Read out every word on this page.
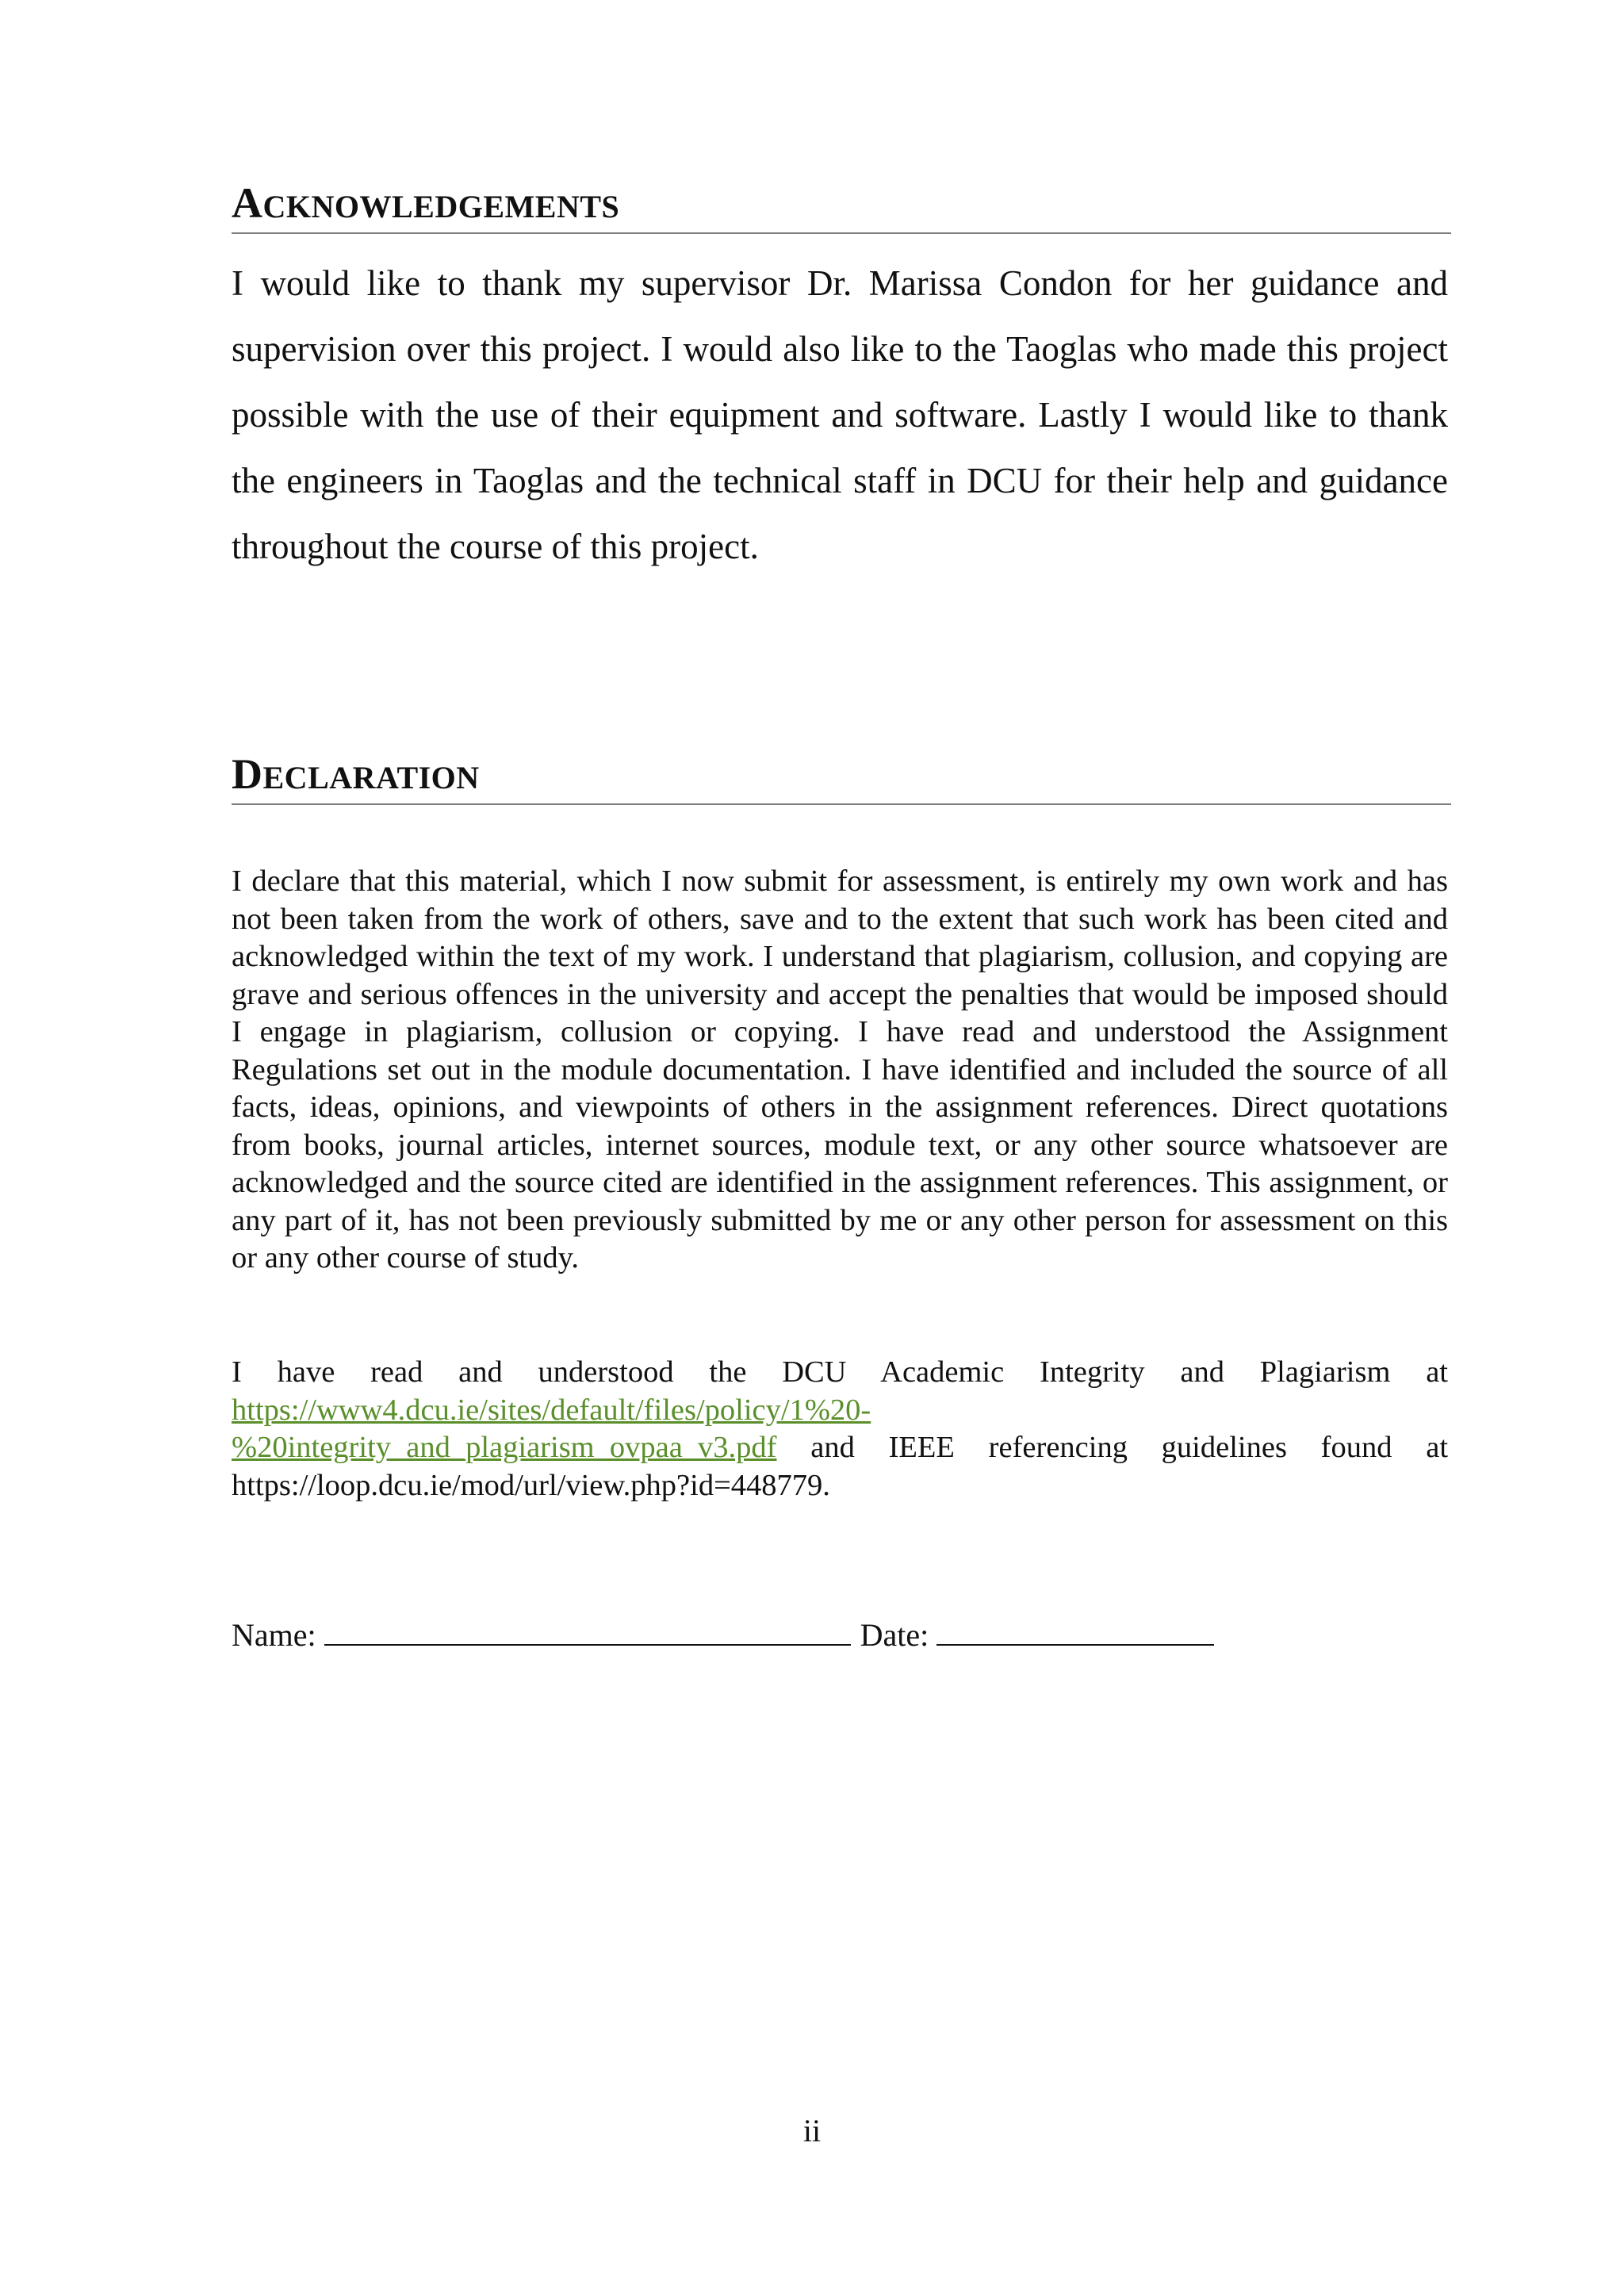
ACKNOWLEDGEMENTS

I would like to thank my supervisor Dr. Marissa Condon for her guidance and supervision over this project. I would also like to the Taoglas who made this project possible with the use of their equipment and software. Lastly I would like to thank the engineers in Taoglas and the technical staff in DCU for their help and guidance throughout the course of this project.

DECLARATION

I declare that this material, which I now submit for assessment, is entirely my own work and has not been taken from the work of others, save and to the extent that such work has been cited and acknowledged within the text of my work. I understand that plagiarism, collusion, and copying are grave and serious offences in the university and accept the penalties that would be imposed should I engage in plagiarism, collusion or copying. I have read and understood the Assignment Regulations set out in the module documentation. I have identified and included the source of all facts, ideas, opinions, and viewpoints of others in the assignment references. Direct quotations from books, journal articles, internet sources, module text, or any other source whatsoever are acknowledged and the source cited are identified in the assignment references. This assignment, or any part of it, has not been previously submitted by me or any other person for assessment on this or any other course of study.

I have read and understood the DCU Academic Integrity and Plagiarism at https://www4.dcu.ie/sites/default/files/policy/1%20-
%20integrity_and_plagiarism_ovpaa_v3.pdf and IEEE referencing guidelines found at https://loop.dcu.ie/mod/url/view.php?id=448779.

Name:	Date:
ii
